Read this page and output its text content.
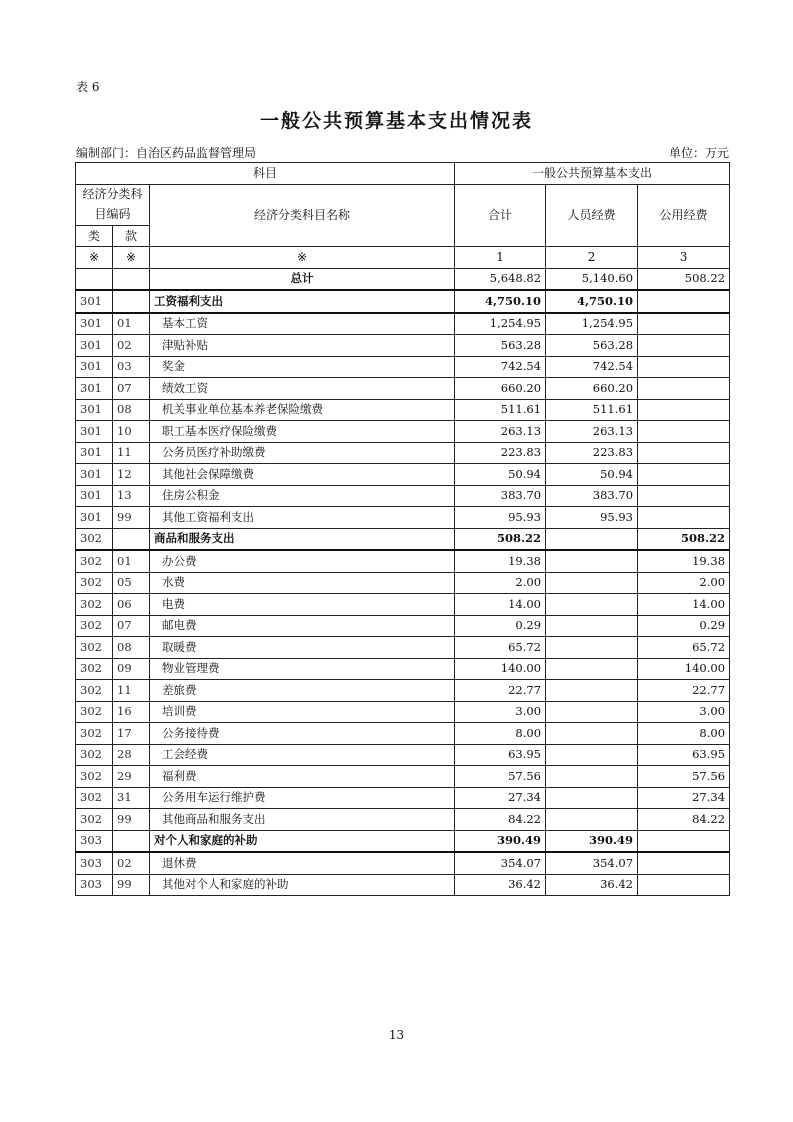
表 6
一般公共预算基本支出情况表
编制部门：自治区药品监督管理局	单位：万元
科目			一般公共预算基本支出		
经济分类科目编码		经济分类科目名称	合计	人员经费	公用经费

类	款				
※	※	※	1	2	3
		总计	5,648.82	5,140.60	508.22
301		工资福利支出	4,750.10	4,750.10	
301	01	基本工资	1,254.95	1,254.95	
301	02	津贴补贴	563.28	563.28	
301	03	奖金	742.54	742.54	
301	07	绩效工资	660.20	660.20	
301	08	机关事业单位基本养老保险缴费	511.61	511.61	
301	10	职工基本医疗保险缴费	263.13	263.13	
301	11	公务员医疗补助缴费	223.83	223.83	
301	12	其他社会保障缴费	50.94	50.94	
301	13	住房公积金	383.70	383.70	
301	99	其他工资福利支出	95.93	95.93	
302		商品和服务支出	508.22		508.22
302	01	办公费	19.38		19.38
302	05	水费	2.00		2.00
302	06	电费	14.00		14.00
302	07	邮电费	0.29		0.29
302	08	取暖费	65.72		65.72
302	09	物业管理费	140.00		140.00
302	11	差旅费	22.77		22.77
302	16	培训费	3.00		3.00
302	17	公务接待费	8.00		8.00
302	28	工会经费	63.95		63.95
302	29	福利费	57.56		57.56
302	31	公务用车运行维护费	27.34		27.34
302	99	其他商品和服务支出	84.22		84.22
303		对个人和家庭的补助	390.49	390.49	
303	02	退休费	354.07	354.07	
303	99	其他对个人和家庭的补助	36.42	36.42	
13
